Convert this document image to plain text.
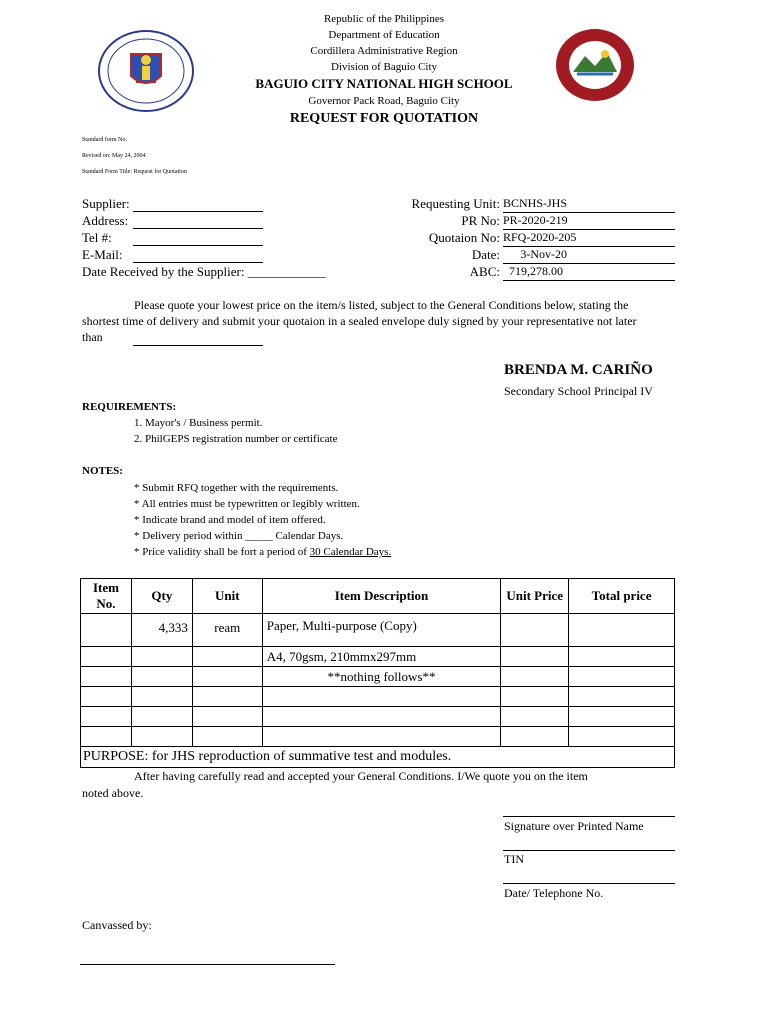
Republic of the Philippines
Department of Education
Cordillera Administrative Region
Division of Baguio City
BAGUIO CITY NATIONAL HIGH SCHOOL
Governor Pack Road, Baguio City
REQUEST FOR QUOTATION
Standard form No:
Revised on: May 24, 2004
Standard Form Title: Request for Quotation
Supplier:
Address:
Tel #:
E-Mail:
Date Received by the Supplier: ____________
Requesting Unit: BCNHS-JHS
PR No: PR-2020-219
Quotaion No: RFQ-2020-205
Date:	3-Nov-20
ABC: 719,278.00
Please quote your lowest price on the item/s listed, subject to the General Conditions below, stating the
shortest time of delivery and submit your quotaion in a sealed envelope duly signed by your representative not later
than
BRENDA M. CARIÑO
Secondary School Principal IV
REQUIREMENTS:
1. Mayor's / Business permit.
2. PhilGEPS registration number or certificate
NOTES:
* Submit RFQ together with the requirements.
* All entries must be typewritten or legibly written.
* Indicate brand and model of item offered.
* Delivery period within _____ Calendar Days.
* Price validity shall be fort a period of 30 Calendar Days.
Item No.	Qty	Unit	Item Description	Unit Price	Total price
	4,333	ream	Paper, Multi-purpose (Copy)		
			A4, 70gsm, 210mmx297mm		
			**nothing follows**		

PURPOSE: for JHS reproduction of summative test and modules.					
After having carefully read and accepted your General Conditions. I/We quote you on the item
noted above.
Signature over Printed Name
TIN
Date/ Telephone No.
Canvassed by:
